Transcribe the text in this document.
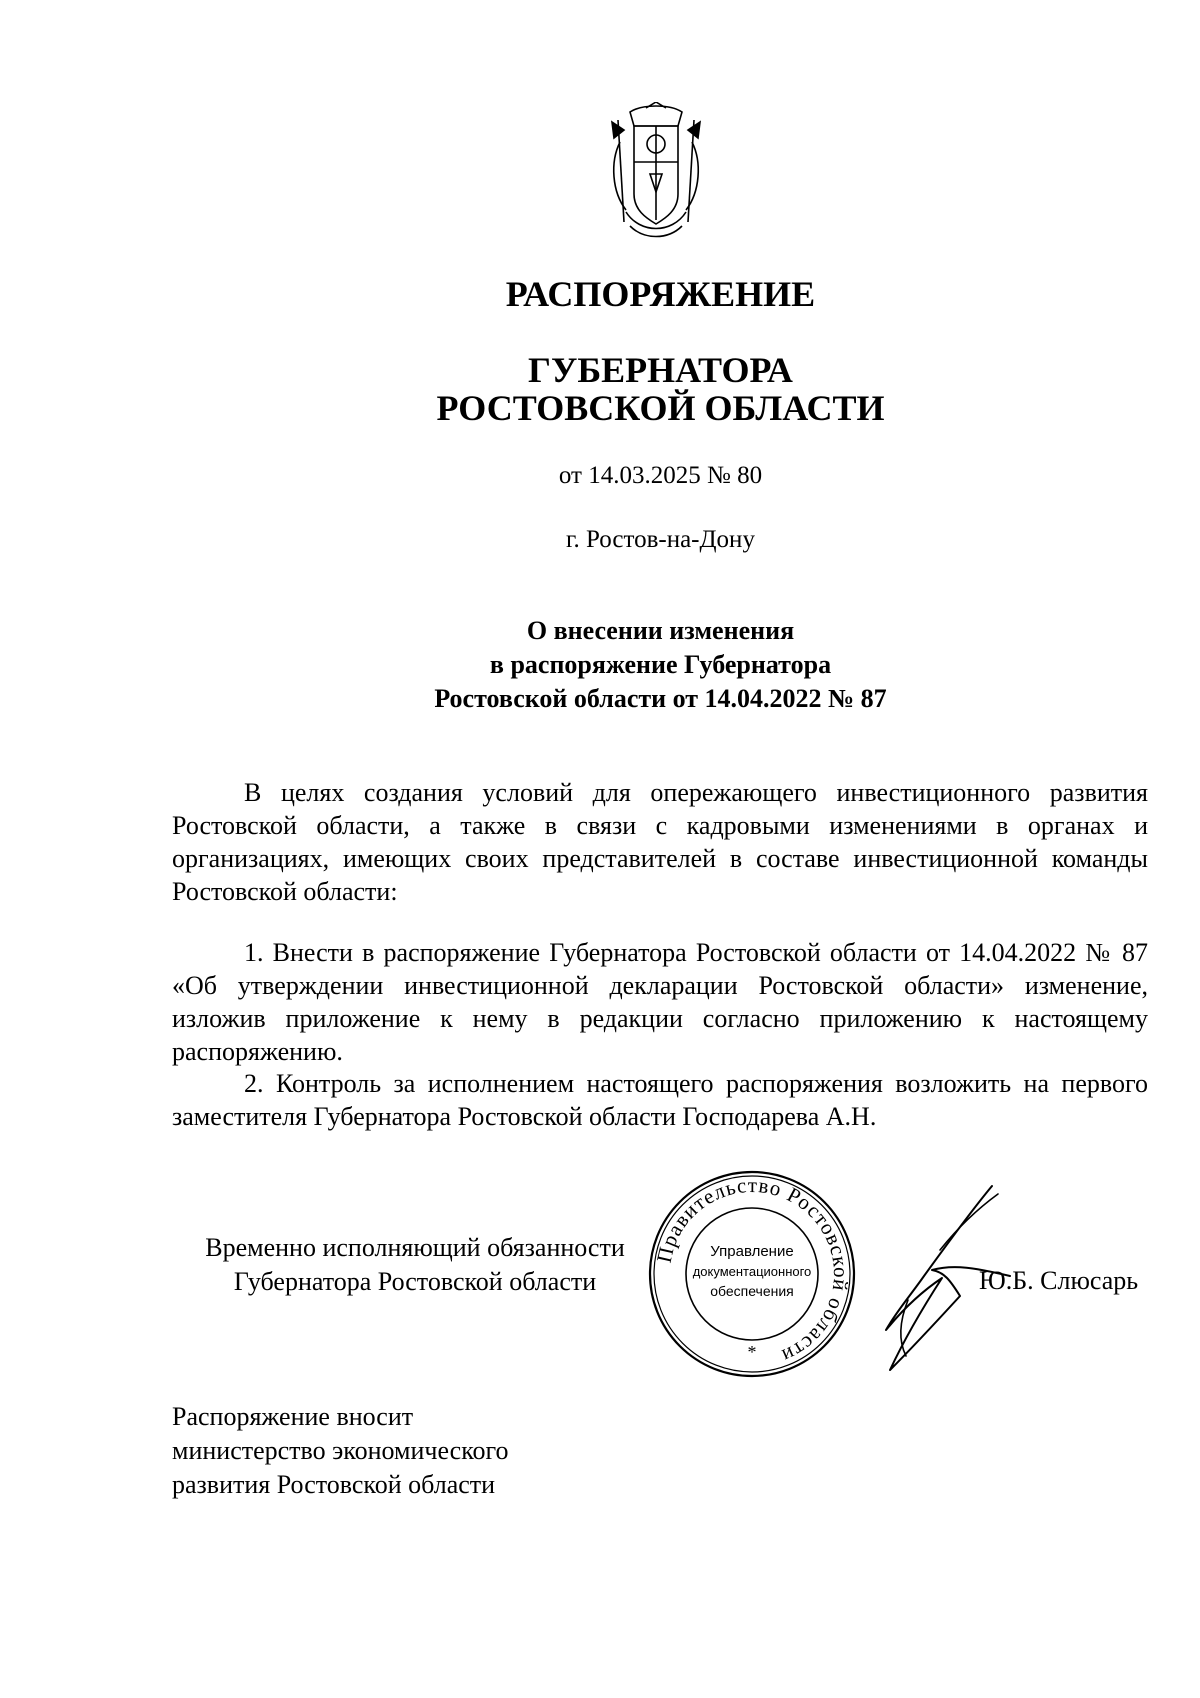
РАСПОРЯЖЕНИЕ
ГУБЕРНАТОРА
РОСТОВСКОЙ ОБЛАСТИ
от 14.03.2025 № 80
г. Ростов-на-Дону
О внесении изменения
в распоряжение Губернатора
Ростовской области от 14.04.2022 № 87

В целях создания условий для опережающего инвестиционного развития Ростовской области, а также в связи с кадровыми изменениями в органах и организациях, имеющих своих представителей в составе инвестиционной команды Ростовской области:

1. Внести в распоряжение Губернатора Ростовской области от 14.04.2022 № 87 «Об утверждении инвестиционной декларации Ростовской области» изменение, изложив приложение к нему в редакции согласно приложению к настоящему распоряжению.

2. Контроль за исполнением настоящего распоряжения возложить на первого заместителя Губернатора Ростовской области Господарева А.Н.

Временно исполняющий обязанности
Губернатора Ростовской области
Правительство Ростовской области
Управление
документационного
обеспечения
*
Ю.Б. Слюсарь
Распоряжение вносит
министерство экономического
развития Ростовской области
